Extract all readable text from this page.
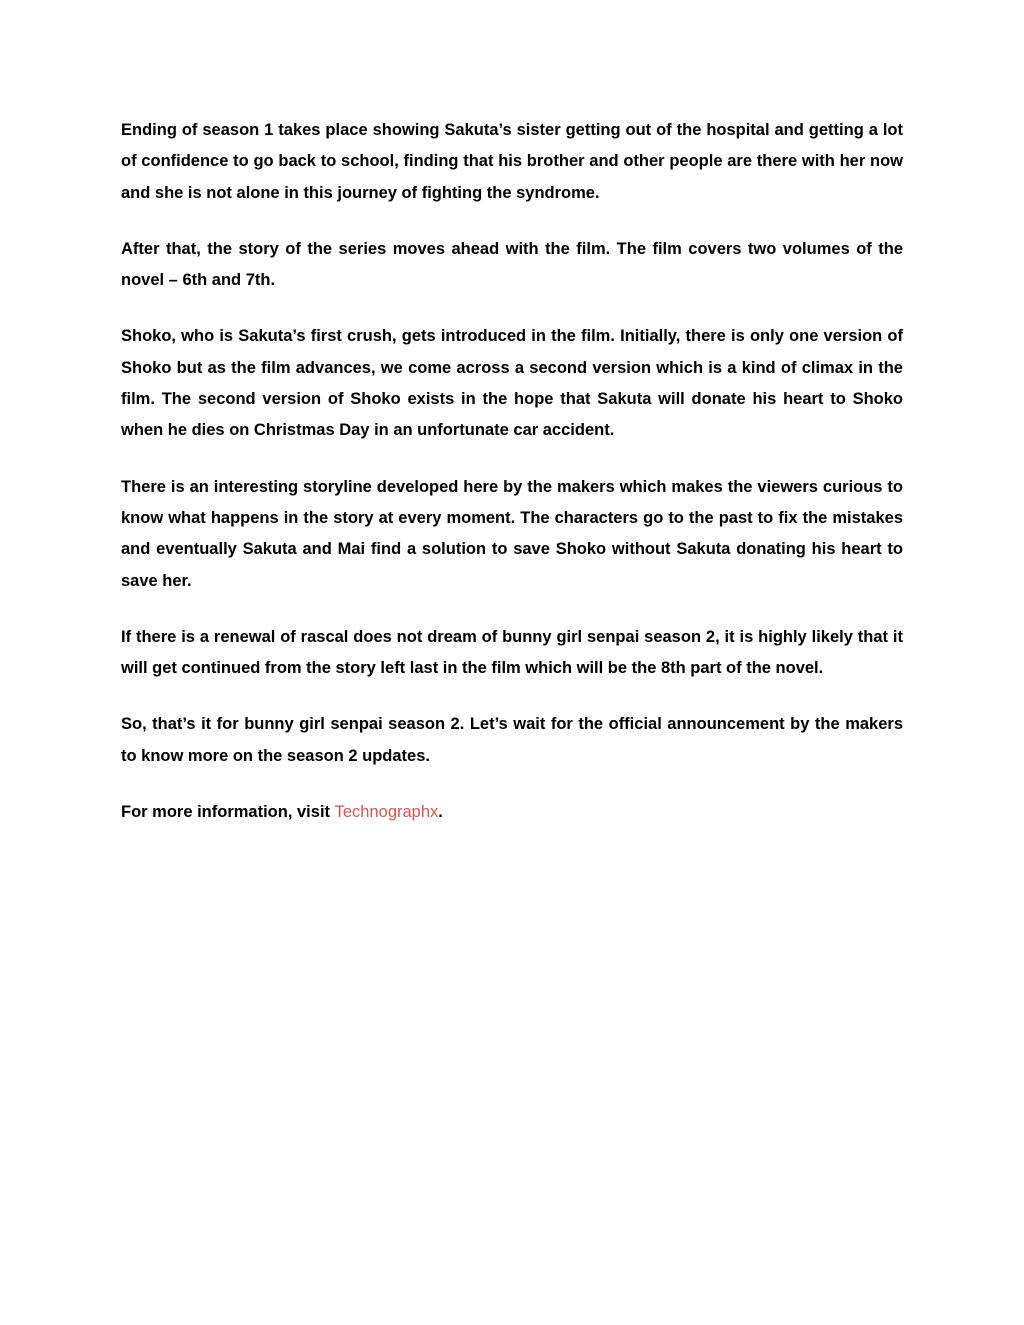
Ending of season 1 takes place showing Sakuta’s sister getting out of the hospital and getting a lot of confidence to go back to school, finding that his brother and other people are there with her now and she is not alone in this journey of fighting the syndrome.

After that, the story of the series moves ahead with the film. The film covers two volumes of the novel – 6th and 7th.

Shoko, who is Sakuta’s first crush, gets introduced in the film. Initially, there is only one version of Shoko but as the film advances, we come across a second version which is a kind of climax in the film. The second version of Shoko exists in the hope that Sakuta will donate his heart to Shoko when he dies on Christmas Day in an unfortunate car accident.

There is an interesting storyline developed here by the makers which makes the viewers curious to know what happens in the story at every moment. The characters go to the past to fix the mistakes and eventually Sakuta and Mai find a solution to save Shoko without Sakuta donating his heart to save her.

If there is a renewal of rascal does not dream of bunny girl senpai season 2, it is highly likely that it will get continued from the story left last in the film which will be the 8th part of the novel.

So, that’s it for bunny girl senpai season 2. Let’s wait for the official announcement by the makers to know more on the season 2 updates.

For more information, visit Technographx.
